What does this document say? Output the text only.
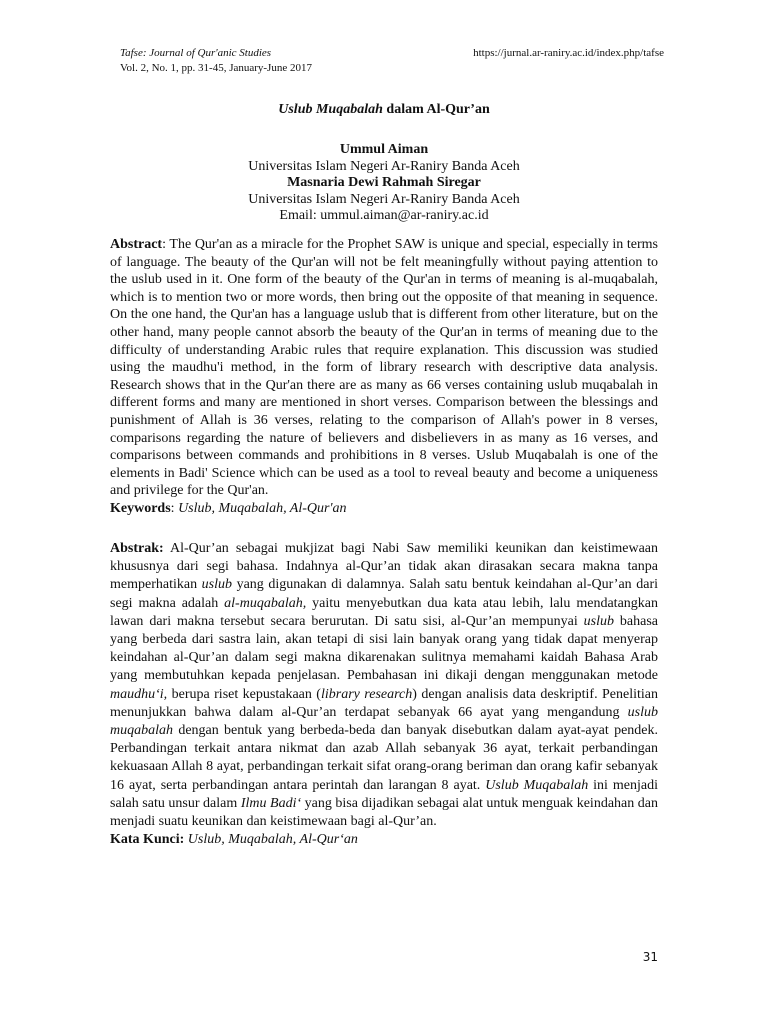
Tafse: Journal of Qur'anic Studies
Vol. 2, No. 1, pp. 31-45, January-June 2017
https://jurnal.ar-raniry.ac.id/index.php/tafse
Uslub Muqabalah dalam Al-Qur’an
Ummul Aiman
Universitas Islam Negeri Ar-Raniry Banda Aceh
Masnaria Dewi Rahmah Siregar
Universitas Islam Negeri Ar-Raniry Banda Aceh
Email: ummul.aiman@ar-raniry.ac.id
Abstract: The Qur'an as a miracle for the Prophet SAW is unique and special, especially in terms of language. The beauty of the Qur'an will not be felt meaningfully without paying attention to the uslub used in it. One form of the beauty of the Qur'an in terms of meaning is al-muqabalah, which is to mention two or more words, then bring out the opposite of that meaning in sequence. On the one hand, the Qur'an has a language uslub that is different from other literature, but on the other hand, many people cannot absorb the beauty of the Qur'an in terms of meaning due to the difficulty of understanding Arabic rules that require explanation. This discussion was studied using the maudhu'i method, in the form of library research with descriptive data analysis. Research shows that in the Qur'an there are as many as 66 verses containing uslub muqabalah in different forms and many are mentioned in short verses. Comparison between the blessings and punishment of Allah is 36 verses, relating to the comparison of Allah's power in 8 verses, comparisons regarding the nature of believers and disbelievers in as many as 16 verses, and comparisons between commands and prohibitions in 8 verses. Uslub Muqabalah is one of the elements in Badi' Science which can be used as a tool to reveal beauty and become a uniqueness and privilege for the Qur'an.
Keywords: Uslub, Muqabalah, Al-Qur'an
Abstrak: Al-Qur’an sebagai mukjizat bagi Nabi Saw memiliki keunikan dan keistimewaan khususnya dari segi bahasa. Indahnya al-Qur’an tidak akan dirasakan secara makna tanpa memperhatikan uslub yang digunakan di dalamnya. Salah satu bentuk keindahan al-Qur’an dari segi makna adalah al-muqabalah, yaitu menyebutkan dua kata atau lebih, lalu mendatangkan lawan dari makna tersebut secara berurutan. Di satu sisi, al-Qur’an mempunyai uslub bahasa yang berbeda dari sastra lain, akan tetapi di sisi lain banyak orang yang tidak dapat menyerap keindahan al-Qur’an dalam segi makna dikarenakan sulitnya memahami kaidah Bahasa Arab yang membutuhkan kepada penjelasan. Pembahasan ini dikaji dengan menggunakan metode maudhu‘i, berupa riset kepustakaan (library research) dengan analisis data deskriptif. Penelitian menunjukkan bahwa dalam al-Qur’an terdapat sebanyak 66 ayat yang mengandung uslub muqabalah dengan bentuk yang berbeda-beda dan banyak disebutkan dalam ayat-ayat pendek. Perbandingan terkait antara nikmat dan azab Allah sebanyak 36 ayat, terkait perbandingan kekuasaan Allah 8 ayat, perbandingan terkait sifat orang-orang beriman dan orang kafir sebanyak 16 ayat, serta perbandingan antara perintah dan larangan 8 ayat. Uslub Muqabalah ini menjadi salah satu unsur dalam Ilmu Badi‘ yang bisa dijadikan sebagai alat untuk menguak keindahan dan menjadi suatu keunikan dan keistimewaan bagi al-Qur’an.
Kata Kunci: Uslub, Muqabalah, Al-Qur‘an
31
